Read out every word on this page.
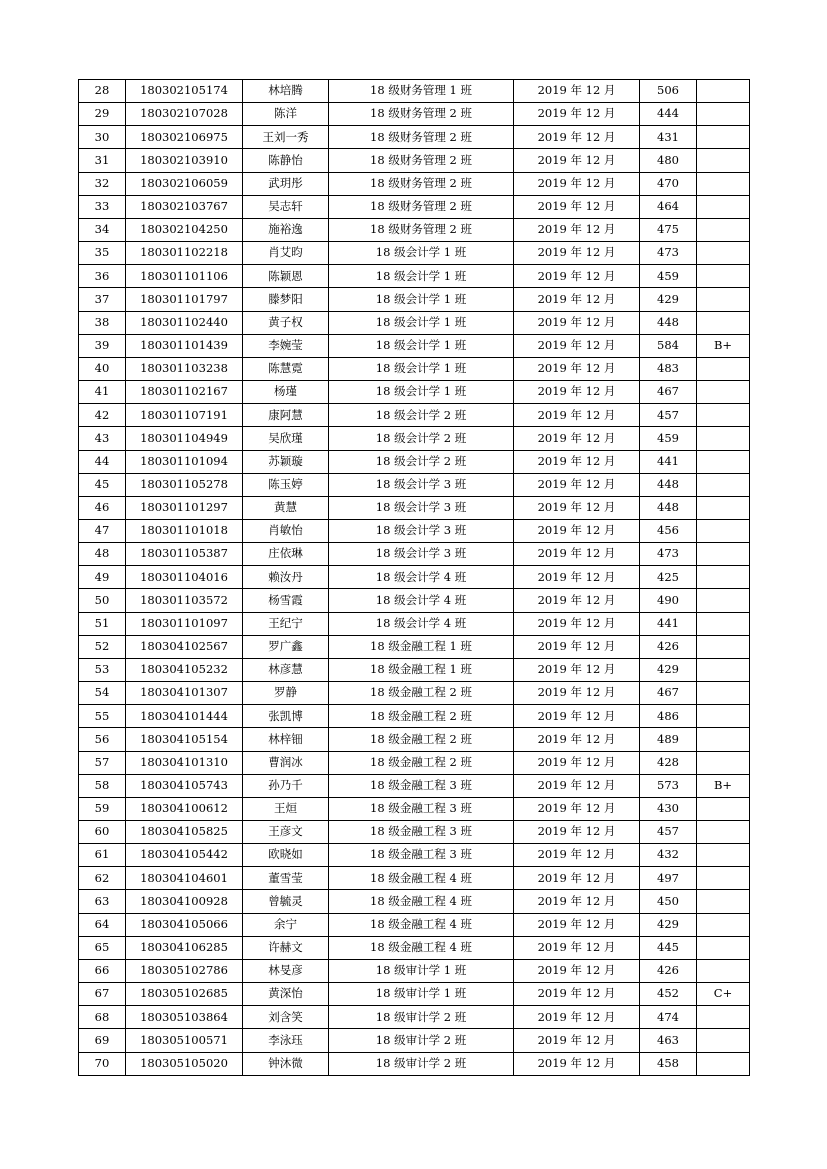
28	180302105174	林培腾	18 级财务管理 1 班	2019 年 12 月	506	
29	180302107028	陈洋	18 级财务管理 2 班	2019 年 12 月	444	
30	180302106975	王刘一秀	18 级财务管理 2 班	2019 年 12 月	431	
31	180302103910	陈静怡	18 级财务管理 2 班	2019 年 12 月	480	
32	180302106059	武玥彤	18 级财务管理 2 班	2019 年 12 月	470	
33	180302103767	吴志轩	18 级财务管理 2 班	2019 年 12 月	464	
34	180302104250	施裕逸	18 级财务管理 2 班	2019 年 12 月	475	
35	180301102218	肖艾昀	18 级会计学 1 班	2019 年 12 月	473	
36	180301101106	陈颖恩	18 级会计学 1 班	2019 年 12 月	459	
37	180301101797	滕梦阳	18 级会计学 1 班	2019 年 12 月	429	
38	180301102440	黄子权	18 级会计学 1 班	2019 年 12 月	448	
39	180301101439	李婉莹	18 级会计学 1 班	2019 年 12 月	584	B+
40	180301103238	陈慧霓	18 级会计学 1 班	2019 年 12 月	483	
41	180301102167	杨瑾	18 级会计学 1 班	2019 年 12 月	467	
42	180301107191	康阿慧	18 级会计学 2 班	2019 年 12 月	457	
43	180301104949	吴欣瑾	18 级会计学 2 班	2019 年 12 月	459	
44	180301101094	苏颖璇	18 级会计学 2 班	2019 年 12 月	441	
45	180301105278	陈玉婷	18 级会计学 3 班	2019 年 12 月	448	
46	180301101297	黄慧	18 级会计学 3 班	2019 年 12 月	448	
47	180301101018	肖敏怡	18 级会计学 3 班	2019 年 12 月	456	
48	180301105387	庄依琳	18 级会计学 3 班	2019 年 12 月	473	
49	180301104016	赖汝丹	18 级会计学 4 班	2019 年 12 月	425	
50	180301103572	杨雪霞	18 级会计学 4 班	2019 年 12 月	490	
51	180301101097	王纪宁	18 级会计学 4 班	2019 年 12 月	441	
52	180304102567	罗广鑫	18 级金融工程 1 班	2019 年 12 月	426	
53	180304105232	林彦慧	18 级金融工程 1 班	2019 年 12 月	429	
54	180304101307	罗静	18 级金融工程 2 班	2019 年 12 月	467	
55	180304101444	张凯博	18 级金融工程 2 班	2019 年 12 月	486	
56	180304105154	林梓钿	18 级金融工程 2 班	2019 年 12 月	489	
57	180304101310	曹润冰	18 级金融工程 2 班	2019 年 12 月	428	
58	180304105743	孙乃千	18 级金融工程 3 班	2019 年 12 月	573	B+
59	180304100612	王烜	18 级金融工程 3 班	2019 年 12 月	430	
60	180304105825	王彦文	18 级金融工程 3 班	2019 年 12 月	457	
61	180304105442	欧晓如	18 级金融工程 3 班	2019 年 12 月	432	
62	180304104601	董雪莹	18 级金融工程 4 班	2019 年 12 月	497	
63	180304100928	曾毓灵	18 级金融工程 4 班	2019 年 12 月	450	
64	180304105066	余宁	18 级金融工程 4 班	2019 年 12 月	429	
65	180304106285	许赫文	18 级金融工程 4 班	2019 年 12 月	445	
66	180305102786	林旻彦	18 级审计学 1 班	2019 年 12 月	426	
67	180305102685	黄深怡	18 级审计学 1 班	2019 年 12 月	452	C+
68	180305103864	刘含笑	18 级审计学 2 班	2019 年 12 月	474	
69	180305100571	李泳珏	18 级审计学 2 班	2019 年 12 月	463	
70	180305105020	钟沐微	18 级审计学 2 班	2019 年 12 月	458	
